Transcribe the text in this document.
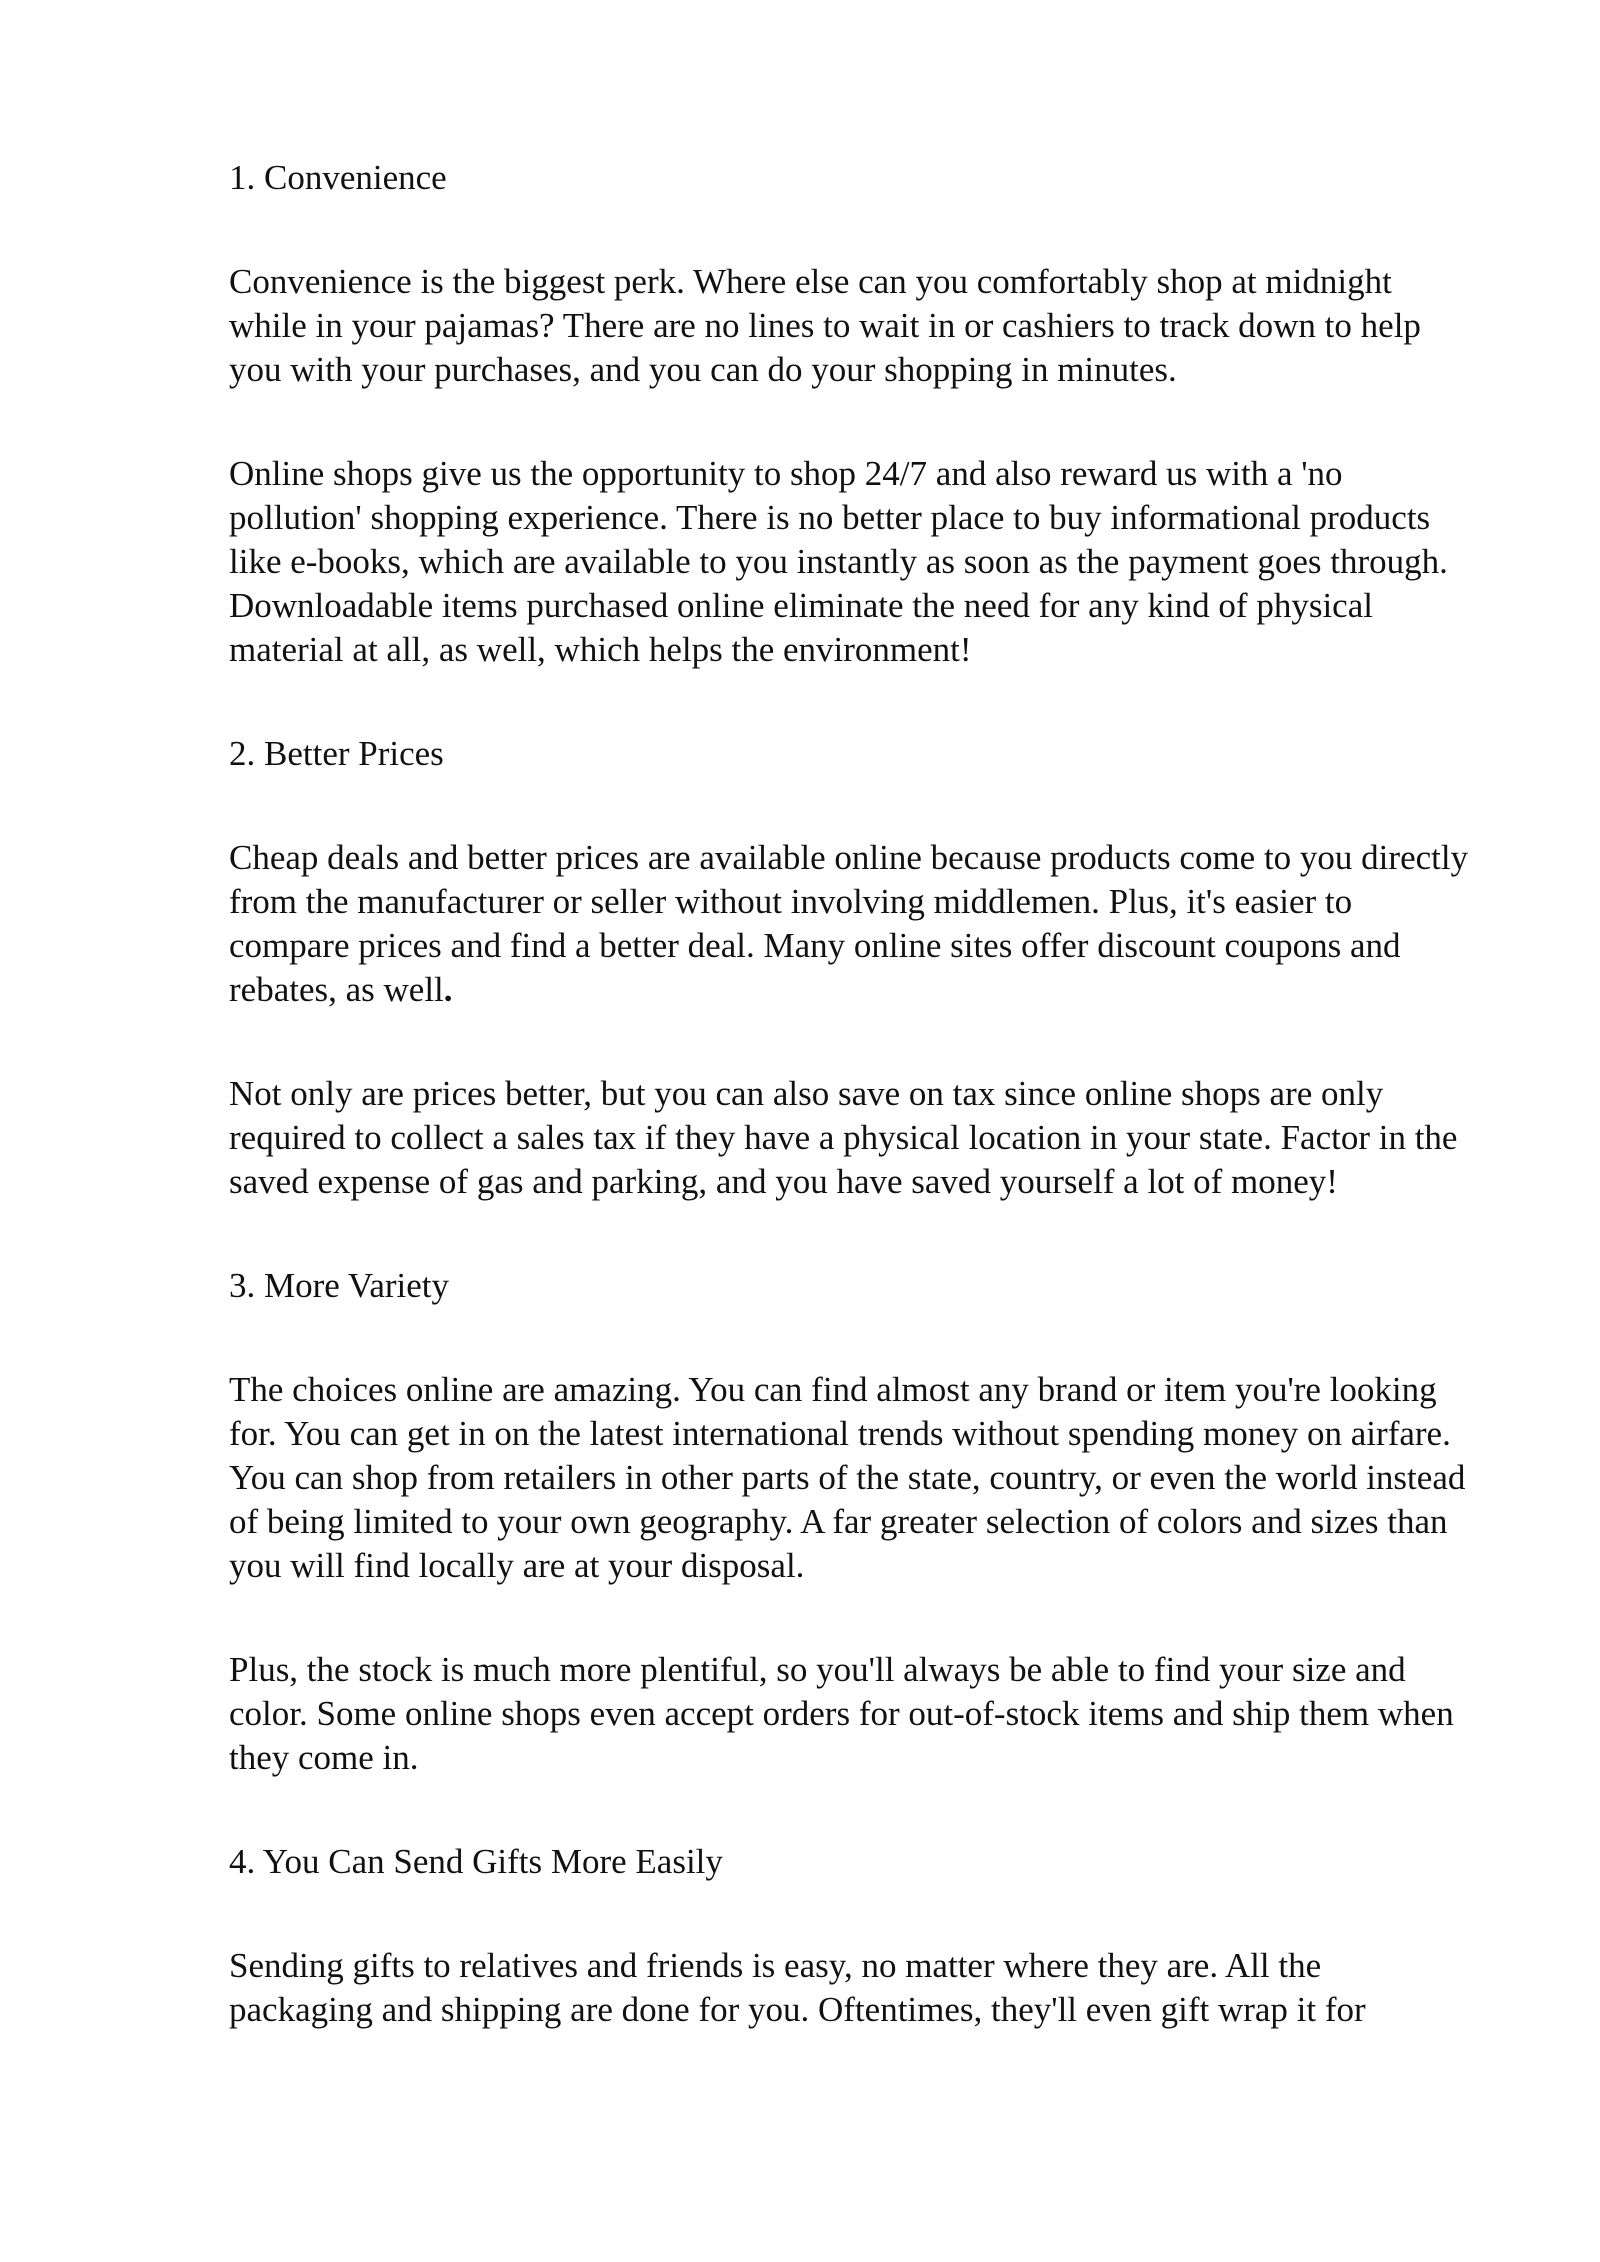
1. Convenience

Convenience is the biggest perk. Where else can you comfortably shop at midnight while in your pajamas? There are no lines to wait in or cashiers to track down to help you with your purchases, and you can do your shopping in minutes.

Online shops give us the opportunity to shop 24/7 and also reward us with a 'no pollution' shopping experience. There is no better place to buy informational products like e-books, which are available to you instantly as soon as the payment goes through. Downloadable items purchased online eliminate the need for any kind of physical material at all, as well, which helps the environment!

2. Better Prices

Cheap deals and better prices are available online because products come to you directly from the manufacturer or seller without involving middlemen. Plus, it's easier to compare prices and find a better deal. Many online sites offer discount coupons and rebates, as well.

Not only are prices better, but you can also save on tax since online shops are only required to collect a sales tax if they have a physical location in your state. Factor in the saved expense of gas and parking, and you have saved yourself a lot of money!

3. More Variety

The choices online are amazing. You can find almost any brand or item you're looking for. You can get in on the latest international trends without spending money on airfare. You can shop from retailers in other parts of the state, country, or even the world instead of being limited to your own geography. A far greater selection of colors and sizes than you will find locally are at your disposal.

Plus, the stock is much more plentiful, so you'll always be able to find your size and color. Some online shops even accept orders for out-of-stock items and ship them when they come in.

4. You Can Send Gifts More Easily

Sending gifts to relatives and friends is easy, no matter where they are. All the packaging and shipping are done for you. Oftentimes, they'll even gift wrap it for
